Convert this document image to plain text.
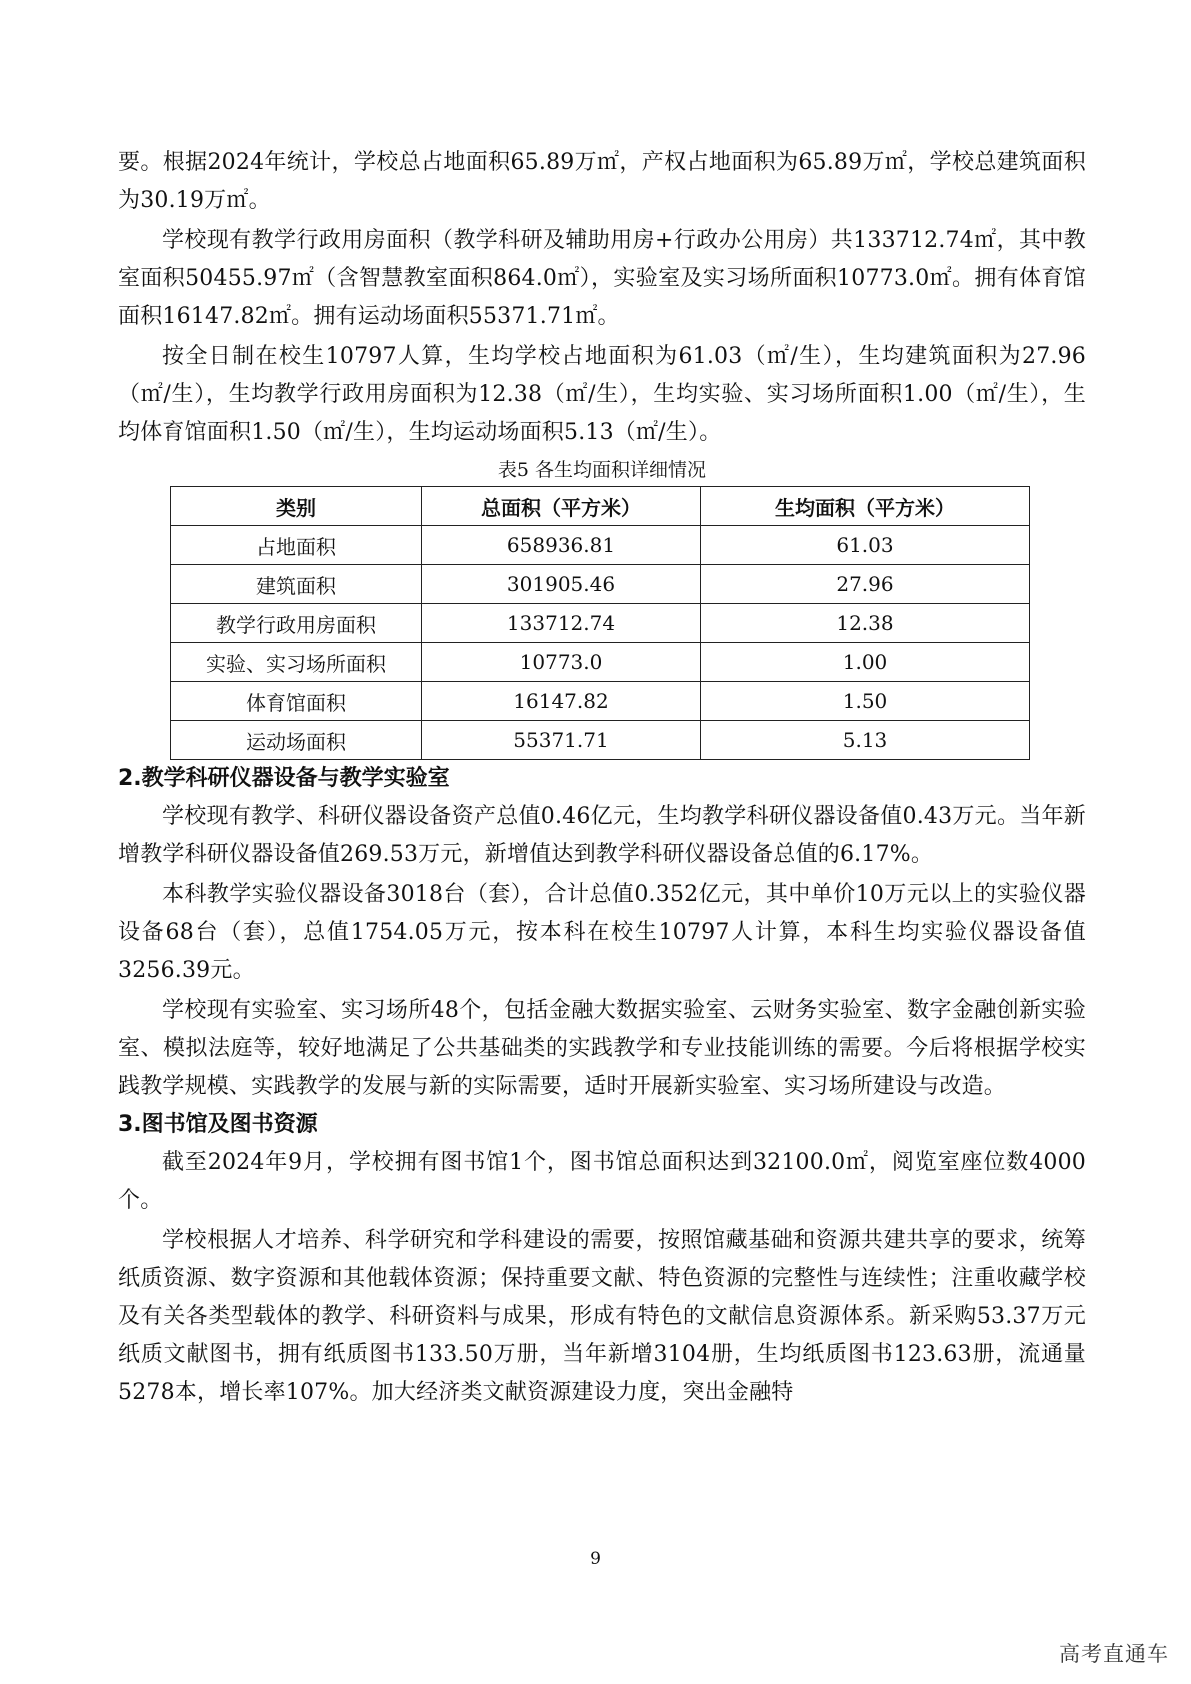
要。根据2024年统计，学校总占地面积65.89万㎡，产权占地面积为65.89万㎡，学校总建筑面积为30.19万㎡。

学校现有教学行政用房面积（教学科研及辅助用房+行政办公用房）共133712.74㎡，其中教室面积50455.97㎡（含智慧教室面积864.0㎡），实验室及实习场所面积10773.0㎡。拥有体育馆面积16147.82㎡。拥有运动场面积55371.71㎡。

按全日制在校生10797人算，生均学校占地面积为61.03（㎡/生），生均建筑面积为27.96（㎡/生），生均教学行政用房面积为12.38（㎡/生），生均实验、实习场所面积1.00（㎡/生），生均体育馆面积1.50（㎡/生），生均运动场面积5.13（㎡/生）。

表5 各生均面积详细情况
类别	总面积（平方米）	生均面积（平方米）
占地面积	658936.81	61.03
建筑面积	301905.46	27.96
教学行政用房面积	133712.74	12.38
实验、实习场所面积	10773.0	1.00
体育馆面积	16147.82	1.50
运动场面积	55371.71	5.13
2.教学科研仪器设备与教学实验室

学校现有教学、科研仪器设备资产总值0.46亿元，生均教学科研仪器设备值0.43万元。当年新增教学科研仪器设备值269.53万元，新增值达到教学科研仪器设备总值的6.17%。

本科教学实验仪器设备3018台（套），合计总值0.352亿元，其中单价10万元以上的实验仪器设备68台（套），总值1754.05万元，按本科在校生10797人计算，本科生均实验仪器设备值3256.39元。

学校现有实验室、实习场所48个，包括金融大数据实验室、云财务实验室、数字金融创新实验室、模拟法庭等，较好地满足了公共基础类的实践教学和专业技能训练的需要。今后将根据学校实践教学规模、实践教学的发展与新的实际需要，适时开展新实验室、实习场所建设与改造。

3.图书馆及图书资源

截至2024年9月，学校拥有图书馆1个，图书馆总面积达到32100.0㎡，阅览室座位数4000个。

学校根据人才培养、科学研究和学科建设的需要，按照馆藏基础和资源共建共享的要求，统筹纸质资源、数字资源和其他载体资源；保持重要文献、特色资源的完整性与连续性；注重收藏学校及有关各类型载体的教学、科研资料与成果，形成有特色的文献信息资源体系。新采购53.37万元纸质文献图书，拥有纸质图书133.50万册，当年新增3104册，生均纸质图书123.63册，流通量5278本，增长率107%。加大经济类文献资源建设力度，突出金融特

9
高考直通车
